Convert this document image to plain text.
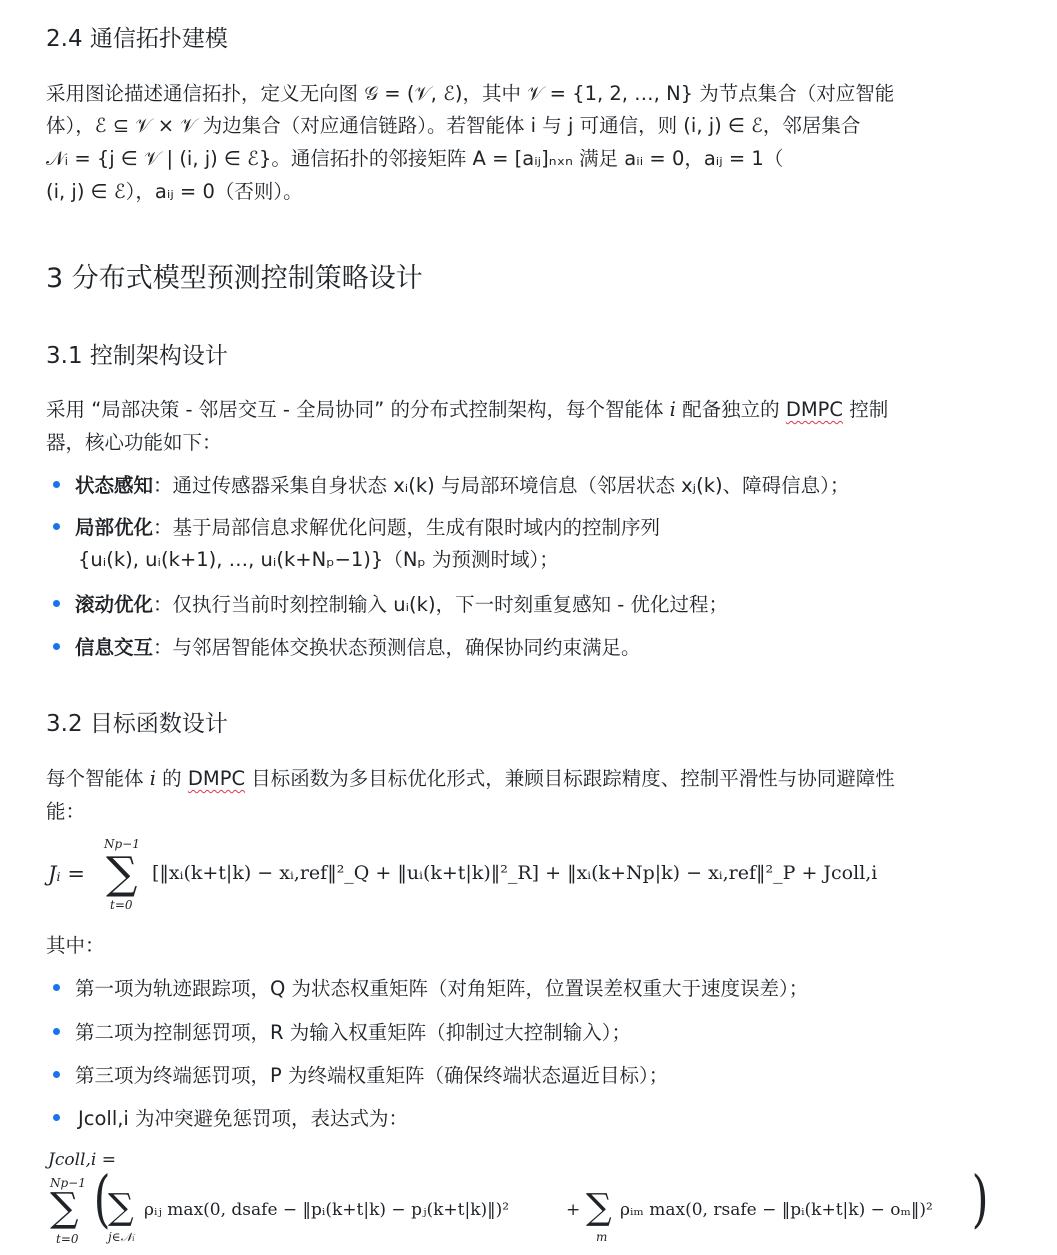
2.4 通信拓扑建模
采用图论描述通信拓扑，定义无向图 𝒢 = (𝒱, ℰ)，其中 𝒱 = {1, 2, …, N} 为节点集合（对应智能
体），ℰ ⊆ 𝒱 × 𝒱 为边集合（对应通信链路）。若智能体 i 与 j 可通信，则 (i, j) ∈ ℰ，邻居集合
𝒩ᵢ = {j ∈ 𝒱 | (i, j) ∈ ℰ}。通信拓扑的邻接矩阵 A = [aᵢⱼ]ₙₓₙ 满足 aᵢᵢ = 0，aᵢⱼ = 1（
(i, j) ∈ ℰ），aᵢⱼ = 0（否则）。
3 分布式模型预测控制策略设计
3.1 控制架构设计
采用 “局部决策 - 邻居交互 - 全局协同” 的分布式控制架构，每个智能体 i 配备独立的 DMPC 控制
器，核心功能如下：
状态感知：通过传感器采集自身状态 xᵢ(k) 与局部环境信息（邻居状态 xⱼ(k)、障碍信息）；
局部优化：基于局部信息求解优化问题，生成有限时域内的控制序列
{uᵢ(k), uᵢ(k+1), …, uᵢ(k+Nₚ−1)}（Nₚ 为预测时域）；
滚动优化：仅执行当前时刻控制输入 uᵢ(k)，下一时刻重复感知 - 优化过程；
信息交互：与邻居智能体交换状态预测信息，确保协同约束满足。
3.2 目标函数设计
每个智能体 i 的 DMPC 目标函数为多目标优化形式，兼顾目标跟踪精度、控制平滑性与协同避障性
能：
Jᵢ =
Np−1
∑
t=0
[‖xᵢ(k+t|k) − xᵢ,ref‖²_Q + ‖uᵢ(k+t|k)‖²_R] + ‖xᵢ(k+Np|k) − xᵢ,ref‖²_P + Jcoll,i
其中：
第一项为轨迹跟踪项，Q 为状态权重矩阵（对角矩阵，位置误差权重大于速度误差）；
第二项为控制惩罚项，R 为输入权重矩阵（抑制过大控制输入）；
第三项为终端惩罚项，P 为终端权重矩阵（确保终端状态逼近目标）；
Jcoll,i 为冲突避免惩罚项，表达式为：
Jcoll,i =
Np−1
∑
t=0
(
∑
j∈𝒩ᵢ
ρᵢⱼ max(0, dsafe − ‖pᵢ(k+t|k) − pⱼ(k+t|k)‖)²	+ ∑
m
ρᵢₘ max(0, rsafe − ‖pᵢ(k+t|k) − oₘ‖)² )
